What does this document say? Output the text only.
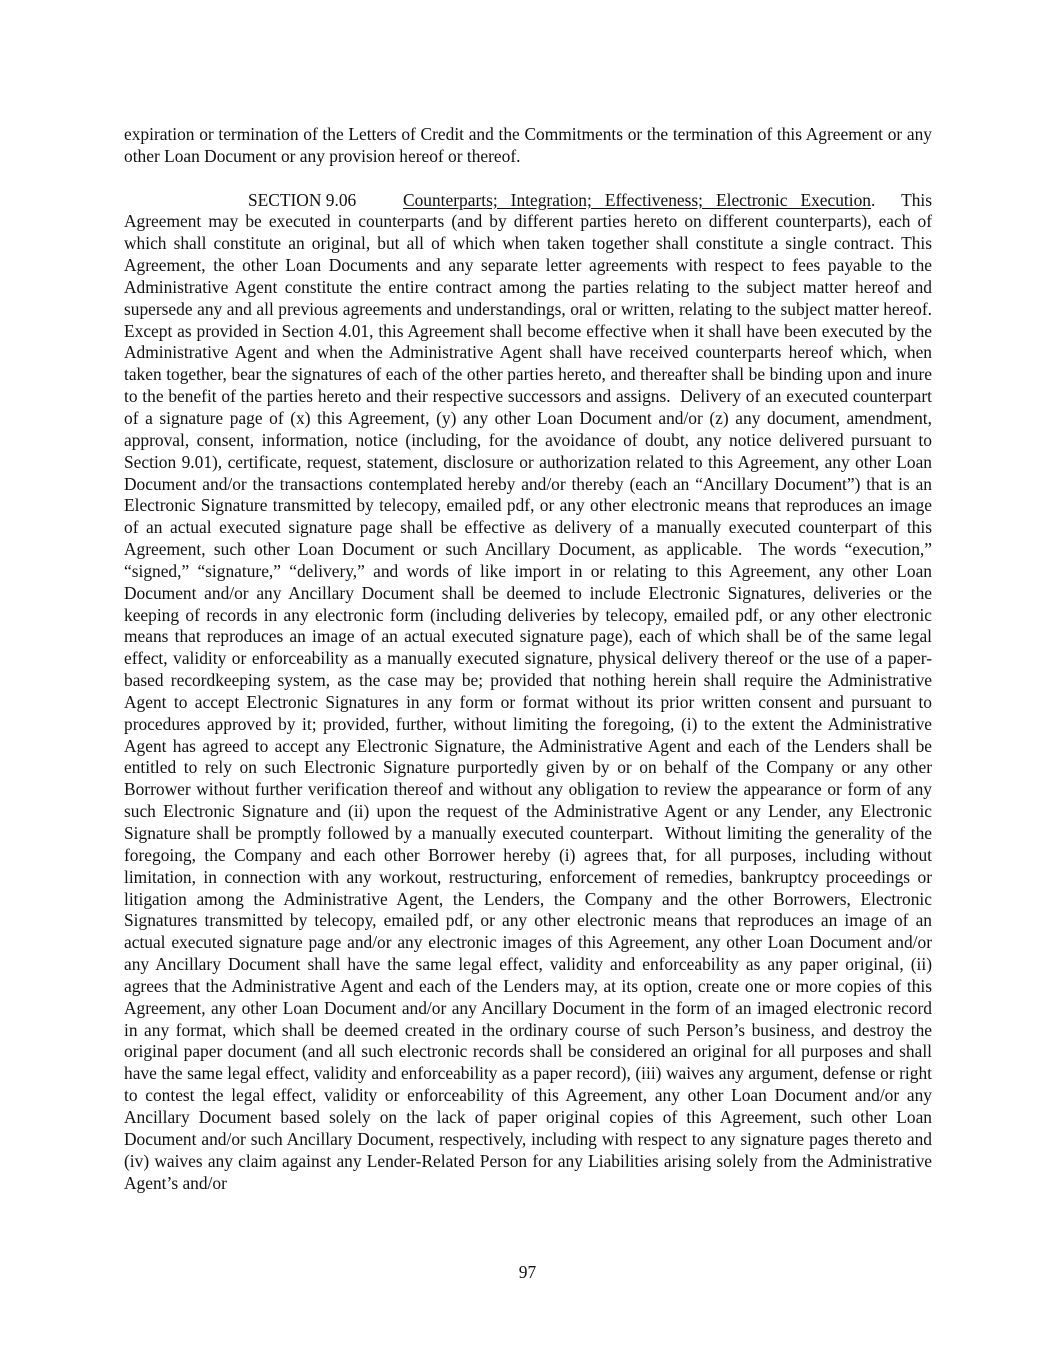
expiration or termination of the Letters of Credit and the Commitments or the termination of this Agreement or any other Loan Document or any provision hereof or thereof.

SECTION 9.06	Counterparts; Integration; Effectiveness; Electronic Execution.  This Agreement may be executed in counterparts (and by different parties hereto on different counterparts), each of which shall constitute an original, but all of which when taken together shall constitute a single contract. This Agreement, the other Loan Documents and any separate letter agreements with respect to fees payable to the Administrative Agent constitute the entire contract among the parties relating to the subject matter hereof and supersede any and all previous agreements and understandings, oral or written, relating to the subject matter hereof.  Except as provided in Section 4.01, this Agreement shall become effective when it shall have been executed by the Administrative Agent and when the Administrative Agent shall have received counterparts hereof which, when taken together, bear the signatures of each of the other parties hereto, and thereafter shall be binding upon and inure to the benefit of the parties hereto and their respective successors and assigns.  Delivery of an executed counterpart of a signature page of (x) this Agreement, (y) any other Loan Document and/or (z) any document, amendment, approval, consent, information, notice (including, for the avoidance of doubt, any notice delivered pursuant to Section 9.01), certificate, request, statement, disclosure or authorization related to this Agreement, any other Loan Document and/or the transactions contemplated hereby and/or thereby (each an “Ancillary Document”) that is an Electronic Signature transmitted by telecopy, emailed pdf, or any other electronic means that reproduces an image of an actual executed signature page shall be effective as delivery of a manually executed counterpart of this Agreement, such other Loan Document or such Ancillary Document, as applicable.  The words “execution,” “signed,” “signature,” “delivery,” and words of like import in or relating to this Agreement, any other Loan Document and/or any Ancillary Document shall be deemed to include Electronic Signatures, deliveries or the keeping of records in any electronic form (including deliveries by telecopy, emailed pdf, or any other electronic means that reproduces an image of an actual executed signature page), each of which shall be of the same legal effect, validity or enforceability as a manually executed signature, physical delivery thereof or the use of a paper-based recordkeeping system, as the case may be; provided that nothing herein shall require the Administrative Agent to accept Electronic Signatures in any form or format without its prior written consent and pursuant to procedures approved by it; provided, further, without limiting the foregoing, (i) to the extent the Administrative Agent has agreed to accept any Electronic Signature, the Administrative Agent and each of the Lenders shall be entitled to rely on such Electronic Signature purportedly given by or on behalf of the Company or any other Borrower without further verification thereof and without any obligation to review the appearance or form of any such Electronic Signature and (ii) upon the request of the Administrative Agent or any Lender, any Electronic Signature shall be promptly followed by a manually executed counterpart.  Without limiting the generality of the foregoing, the Company and each other Borrower hereby (i) agrees that, for all purposes, including without limitation, in connection with any workout, restructuring, enforcement of remedies, bankruptcy proceedings or litigation among the Administrative Agent, the Lenders, the Company and the other Borrowers, Electronic Signatures transmitted by telecopy, emailed pdf, or any other electronic means that reproduces an image of an actual executed signature page and/or any electronic images of this Agreement, any other Loan Document and/or any Ancillary Document shall have the same legal effect, validity and enforceability as any paper original, (ii) agrees that the Administrative Agent and each of the Lenders may, at its option, create one or more copies of this Agreement, any other Loan Document and/or any Ancillary Document in the form of an imaged electronic record in any format, which shall be deemed created in the ordinary course of such Person’s business, and destroy the original paper document (and all such electronic records shall be considered an original for all purposes and shall have the same legal effect, validity and enforceability as a paper record), (iii) waives any argument, defense or right to contest the legal effect, validity or enforceability of this Agreement, any other Loan Document and/or any Ancillary Document based solely on the lack of paper original copies of this Agreement, such other Loan Document and/or such Ancillary Document, respectively, including with respect to any signature pages thereto and (iv) waives any claim against any Lender-Related Person for any Liabilities arising solely from the Administrative Agent’s and/or

97
